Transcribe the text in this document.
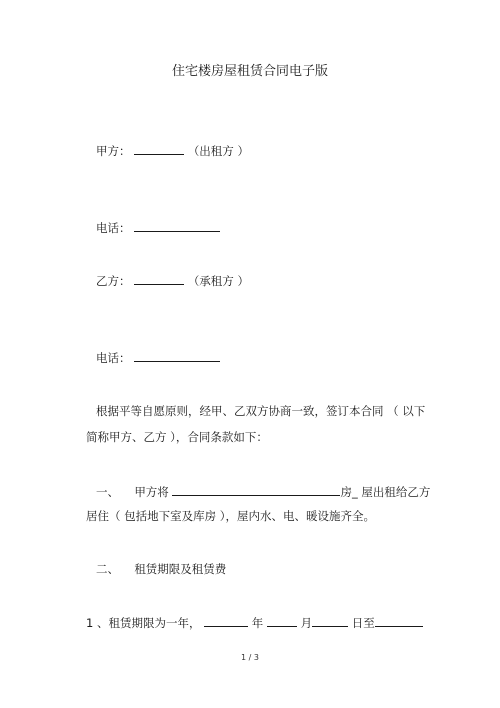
住宅楼房屋租赁合同电子版
甲方：	（出租方 ）
电话：
乙方：	（承租方 ）
电话：
根据平等自愿原则，经甲、乙双方协商一致，签订本合同 （ 以下
简称甲方、乙方 ），合同条款如下：
一、 甲方将	房_ 屋出租给乙方
居住（ 包括地下室及库房 ），屋内水、电、暖设施齐全。
二、 租赁期限及租赁费
1 、租赁期限为一年，	年	月	日至
1 / 3
